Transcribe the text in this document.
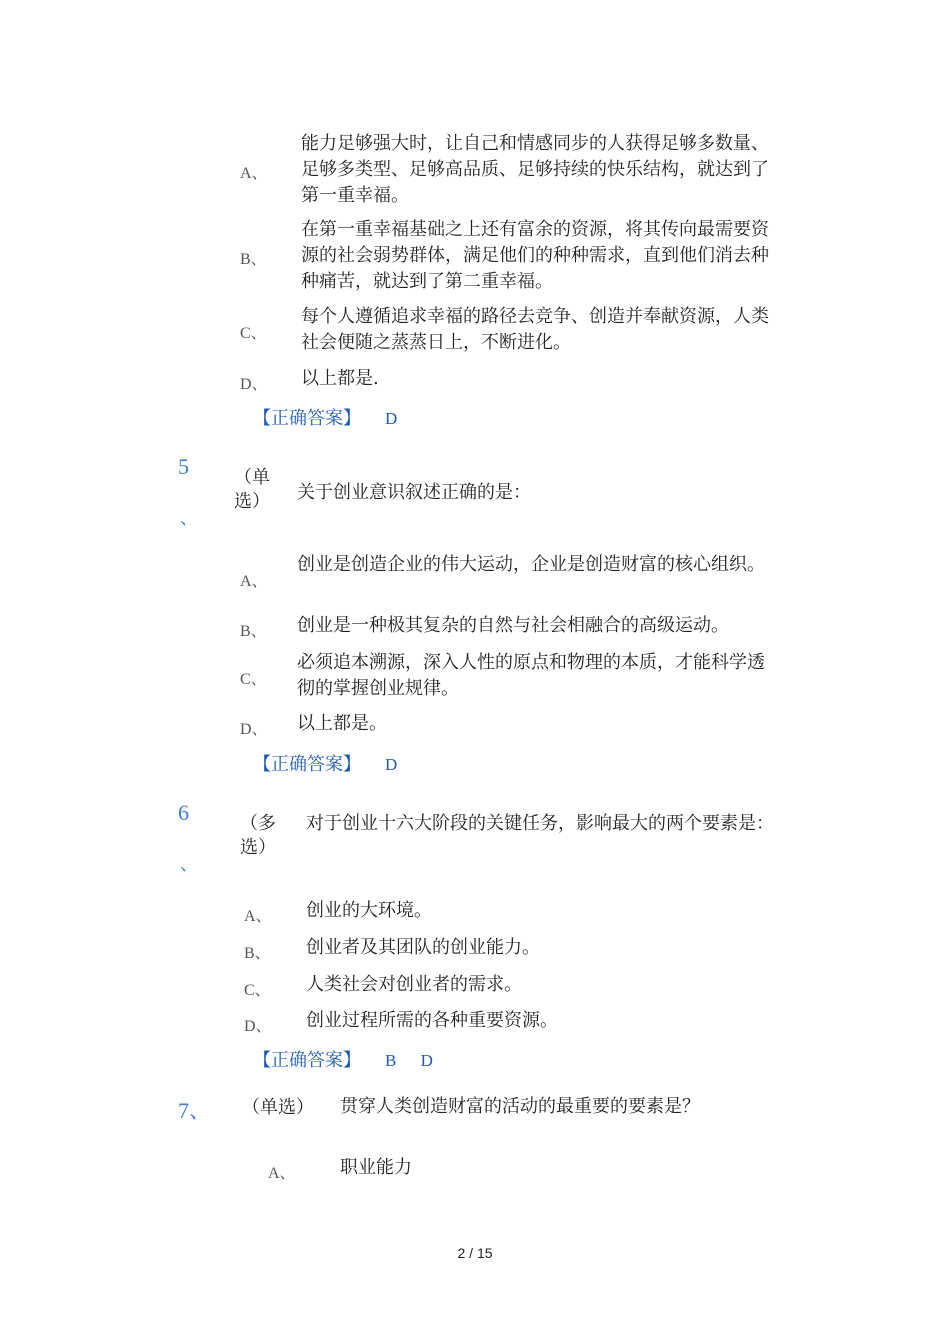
A、
能力足够强大时，让自己和情感同步的人获得足够多数量、足够多类型、足够高品质、足够持续的快乐结构，就达到了第一重幸福。
B、
在第一重幸福基础之上还有富余的资源，将其传向最需要资源的社会弱势群体，满足他们的种种需求，直到他们消去种种痛苦，就达到了第二重幸福。
C、
每个人遵循追求幸福的路径去竞争、创造并奉献资源，人类社会便随之蒸蒸日上，不断进化。
D、 以上都是.
【正确答案】 D
5
、
（单选）	关于创业意识叙述正确的是：
A、
创业是创造企业的伟大运动，企业是创造财富的核心组织。
B、 创业是一种极其复杂的自然与社会相融合的高级运动。
C、
必须追本溯源，深入人性的原点和物理的本质，才能科学透彻的掌握创业规律。
D、 以上都是。
【正确答案】 D
6
、
（多选）
对于创业十六大阶段的关键任务，影响最大的两个要素是：
A、 创业的大环境。
B、 创业者及其团队的创业能力。
C、 人类社会对创业者的需求。
D、 创业过程所需的各种重要资源。
【正确答案】 B D
7、 （单选） 贯穿人类创造财富的活动的最重要的要素是？
A、 职业能力
2 / 15
